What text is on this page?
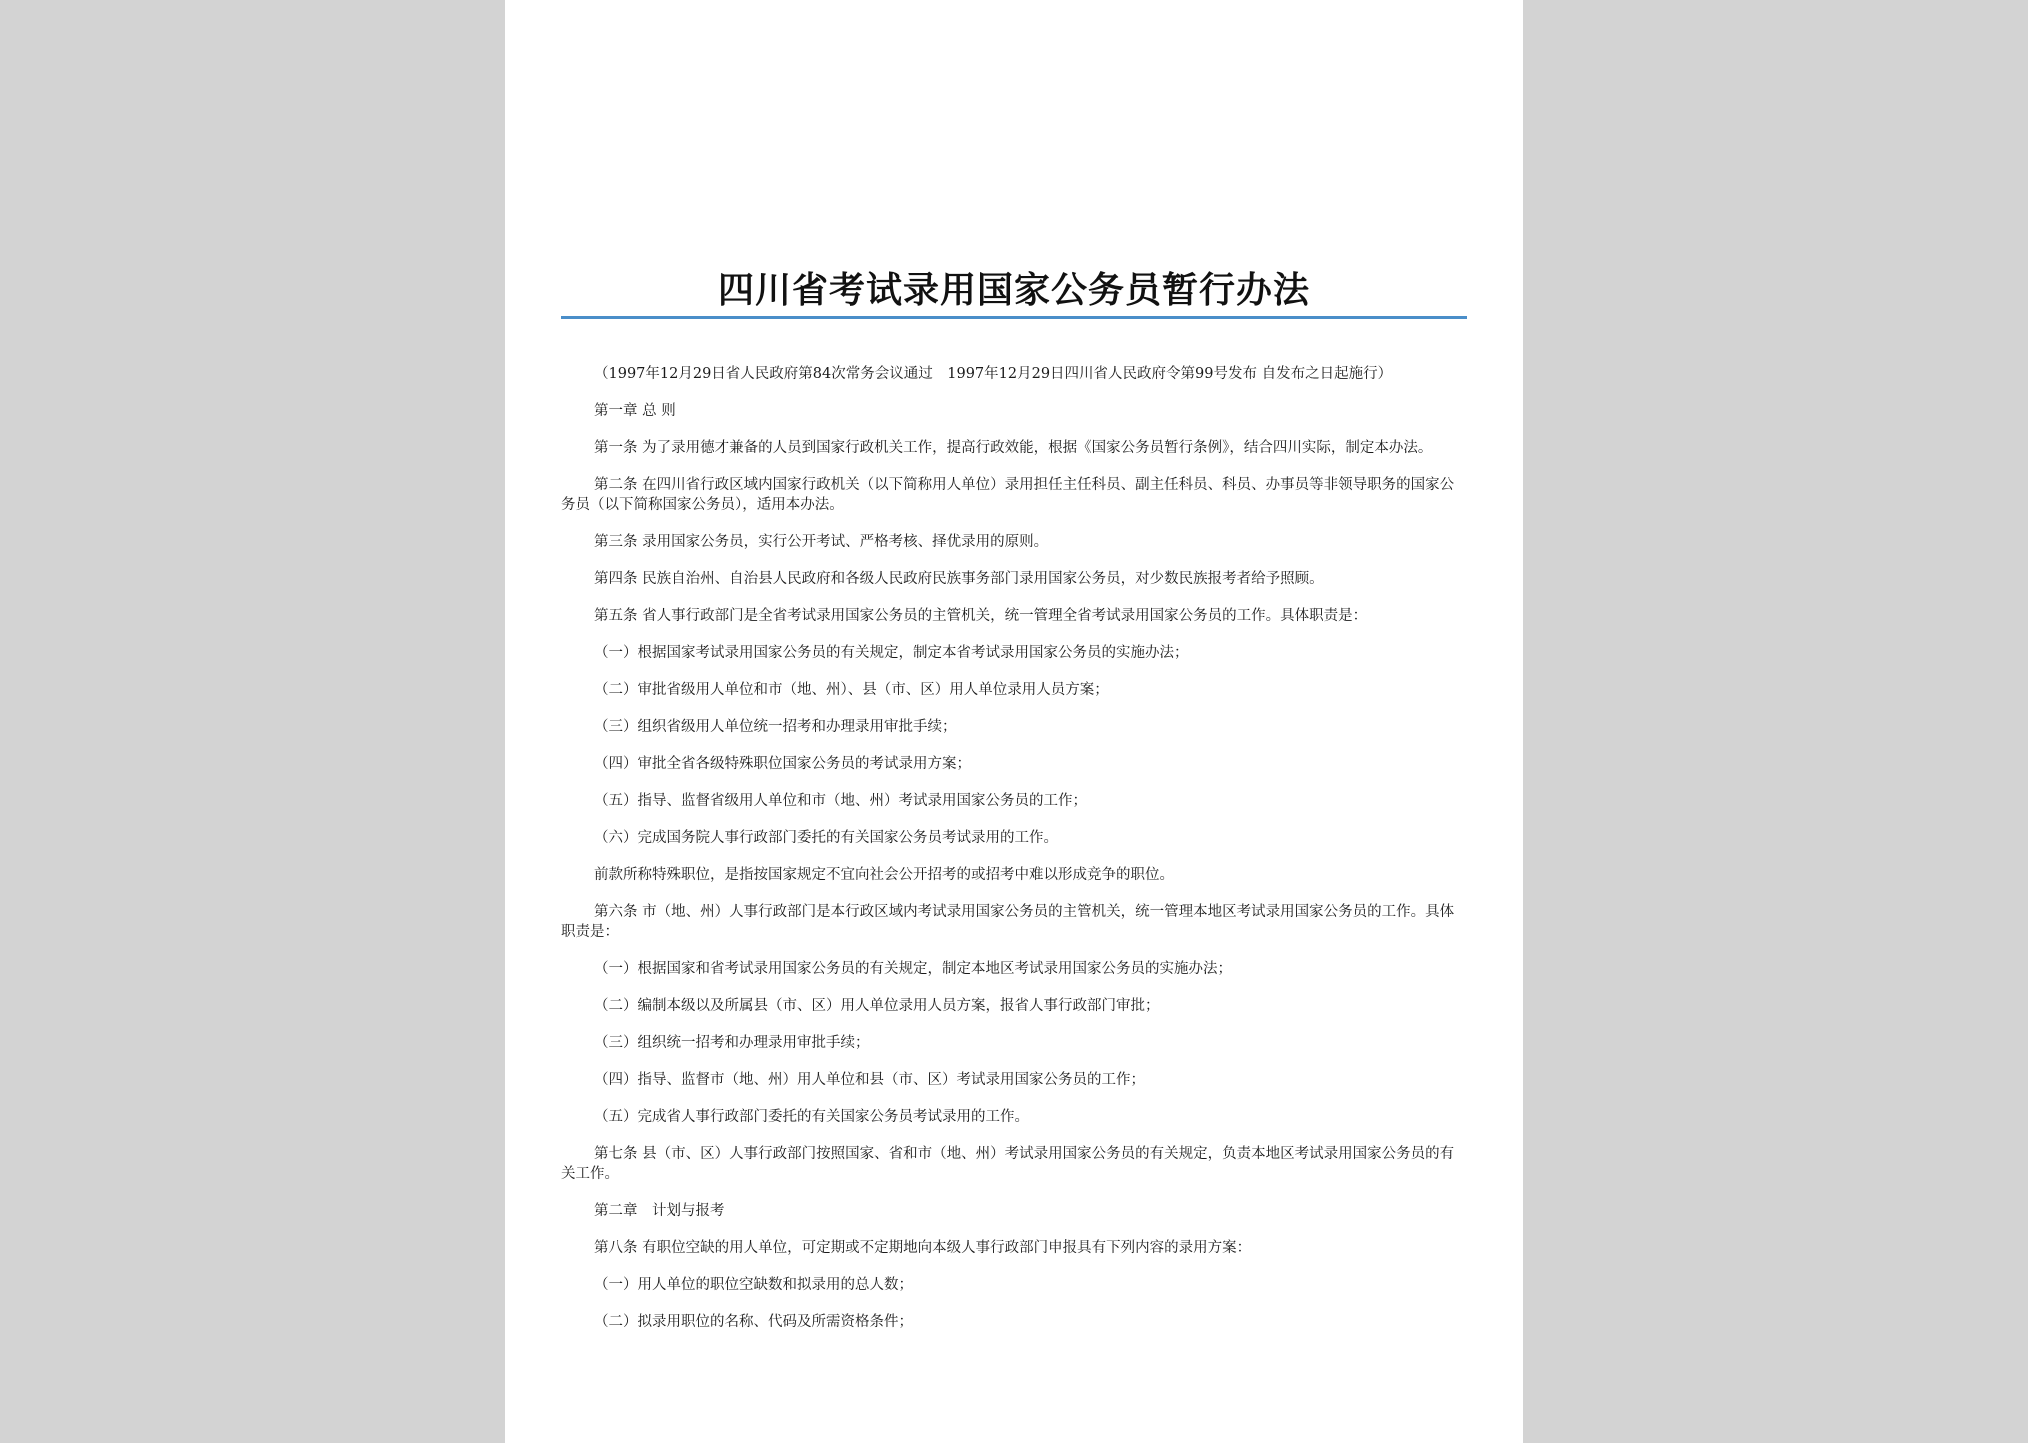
四川省考试录用国家公务员暂行办法

（1997年12月29日省人民政府第84次常务会议通过　1997年12月29日四川省人民政府令第99号发布 自发布之日起施行）

第一章 总 则

第一条 为了录用德才兼备的人员到国家行政机关工作，提高行政效能，根据《国家公务员暂行条例》，结合四川实际，制定本办法。

第二条 在四川省行政区域内国家行政机关（以下简称用人单位）录用担任主任科员、副主任科员、科员、办事员等非领导职务的国家公务员（以下简称国家公务员），适用本办法。

第三条 录用国家公务员，实行公开考试、严格考核、择优录用的原则。

第四条 民族自治州、自治县人民政府和各级人民政府民族事务部门录用国家公务员，对少数民族报考者给予照顾。

第五条 省人事行政部门是全省考试录用国家公务员的主管机关，统一管理全省考试录用国家公务员的工作。具体职责是：

（一）根据国家考试录用国家公务员的有关规定，制定本省考试录用国家公务员的实施办法；

（二）审批省级用人单位和市（地、州）、县（市、区）用人单位录用人员方案；

（三）组织省级用人单位统一招考和办理录用审批手续；

（四）审批全省各级特殊职位国家公务员的考试录用方案；

（五）指导、监督省级用人单位和市（地、州）考试录用国家公务员的工作；

（六）完成国务院人事行政部门委托的有关国家公务员考试录用的工作。

前款所称特殊职位，是指按国家规定不宜向社会公开招考的或招考中难以形成竞争的职位。

第六条 市（地、州）人事行政部门是本行政区域内考试录用国家公务员的主管机关，统一管理本地区考试录用国家公务员的工作。具体职责是：

（一）根据国家和省考试录用国家公务员的有关规定，制定本地区考试录用国家公务员的实施办法；

（二）编制本级以及所属县（市、区）用人单位录用人员方案，报省人事行政部门审批；

（三）组织统一招考和办理录用审批手续；

（四）指导、监督市（地、州）用人单位和县（市、区）考试录用国家公务员的工作；

（五）完成省人事行政部门委托的有关国家公务员考试录用的工作。

第七条 县（市、区）人事行政部门按照国家、省和市（地、州）考试录用国家公务员的有关规定，负责本地区考试录用国家公务员的有关工作。

第二章　计划与报考

第八条 有职位空缺的用人单位，可定期或不定期地向本级人事行政部门申报具有下列内容的录用方案：

（一）用人单位的职位空缺数和拟录用的总人数；

（二）拟录用职位的名称、代码及所需资格条件；
